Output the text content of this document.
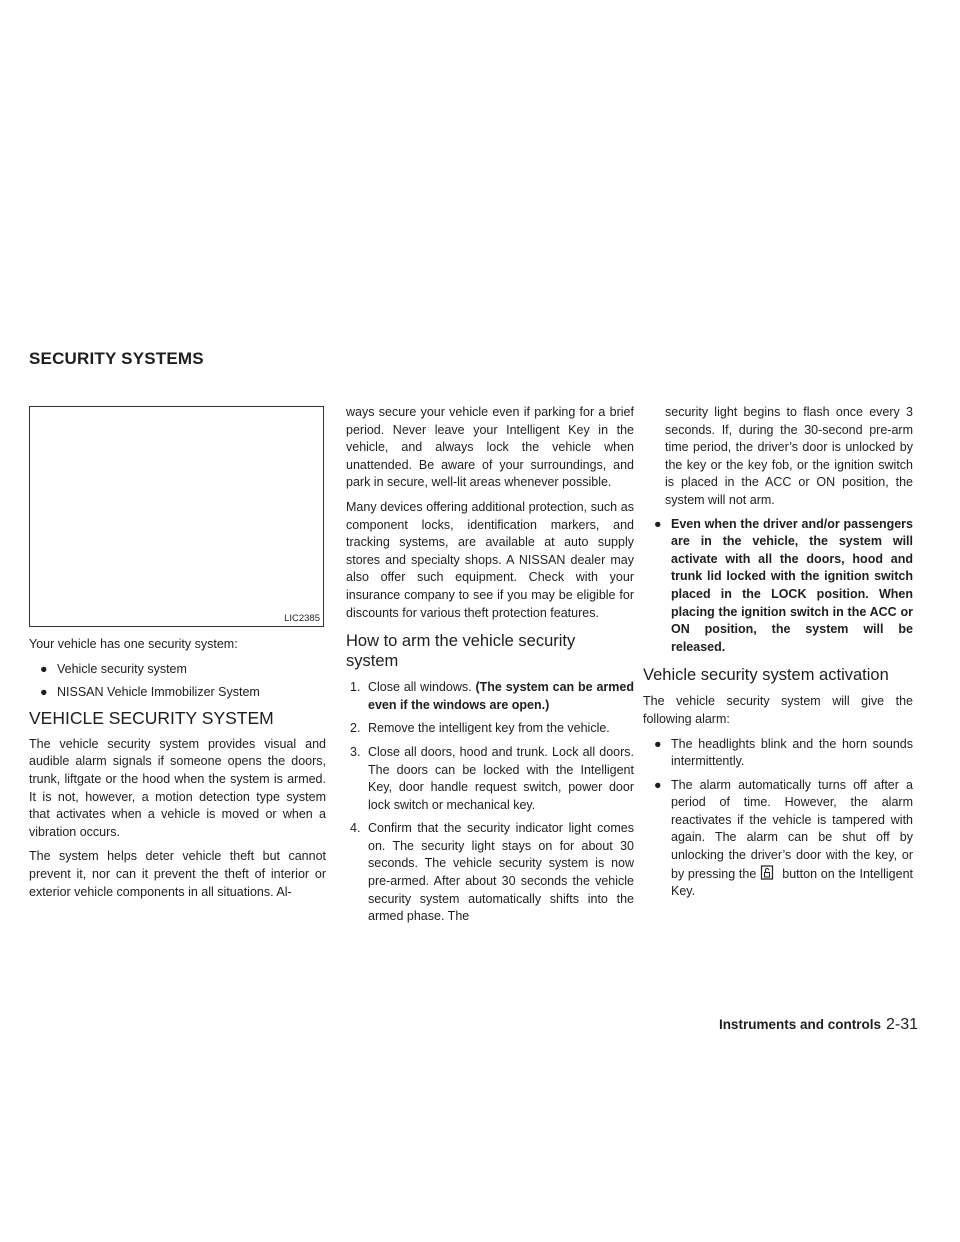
SECURITY SYSTEMS
LIC2385

Your vehicle has one security system:

● Vehicle security system
● NISSAN Vehicle Immobilizer System
VEHICLE SECURITY SYSTEM

The vehicle security system provides visual and audible alarm signals if someone opens the doors, trunk, liftgate or the hood when the system is armed. It is not, however, a motion detection type system that activates when a vehicle is moved or when a vibration occurs.

The system helps deter vehicle theft but cannot prevent it, nor can it prevent the theft of interior or exterior vehicle components in all situations. Al-

ways secure your vehicle even if parking for a brief period. Never leave your Intelligent Key in the vehicle, and always lock the vehicle when unattended. Be aware of your surroundings, and park in secure, well-lit areas whenever possible.

Many devices offering additional protection, such as component locks, identification markers, and tracking systems, are available at auto supply stores and specialty shops. A NISSAN dealer may also offer such equipment. Check with your insurance company to see if you may be eligible for discounts for various theft protection features.

How to arm the vehicle security
system
1. Close all windows. (The system can be armed even if the windows are open.)
2. Remove the intelligent key from the vehicle.
3. Close all doors, hood and trunk. Lock all doors. The doors can be locked with the Intelligent Key, door handle request switch, power door lock switch or mechanical key.
4. Confirm that the security indicator light comes on. The security light stays on for about 30 seconds. The vehicle security system is now pre-armed. After about 30 seconds the vehicle security system automatically shifts into the armed phase. The
security light begins to flash once every 3 seconds. If, during the 30-second pre-arm time period, the driver’s door is unlocked by the key or the key fob, or the ignition switch is placed in the ACC or ON position, the system will not arm.
● Even when the driver and/or passengers are in the vehicle, the system will activate with all the doors, hood and trunk lid locked with the ignition switch placed in the LOCK position. When placing the ignition switch in the ACC or ON position, the system will be released.
Vehicle security system activation

The vehicle security system will give the following alarm:

● The headlights blink and the horn sounds intermittently.
● The alarm automatically turns off after a period of time. However, the alarm reactivates if the vehicle is tampered with again. The alarm can be shut off by unlocking the driver’s door with the key, or by pressing the button on the Intelligent Key.
Instruments and controls 2-31
